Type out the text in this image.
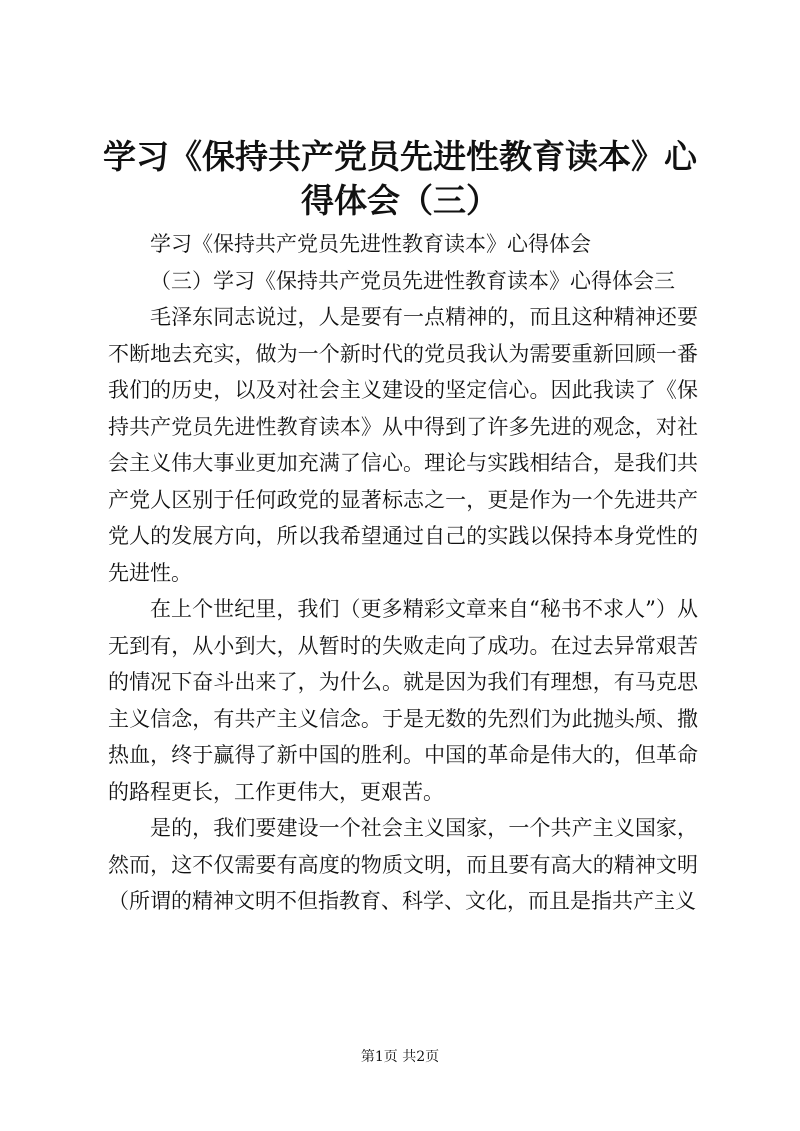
学习《保持共产党员先进性教育读本》心得体会（三）

学习《保持共产党员先进性教育读本》心得体会

（三）学习《保持共产党员先进性教育读本》心得体会三

毛泽东同志说过，人是要有一点精神的，而且这种精神还要不断地去充实，做为一个新时代的党员我认为需要重新回顾一番我们的历史，以及对社会主义建设的坚定信心。因此我读了《保持共产党员先进性教育读本》从中得到了许多先进的观念，对社会主义伟大事业更加充满了信心。理论与实践相结合，是我们共产党人区别于任何政党的显著标志之一，更是作为一个先进共产党人的发展方向，所以我希望通过自己的实践以保持本身党性的先进性。

在上个世纪里，我们（更多精彩文章来自“秘书不求人”）从无到有，从小到大，从暂时的失败走向了成功。在过去异常艰苦的情况下奋斗出来了，为什么。就是因为我们有理想，有马克思主义信念，有共产主义信念。于是无数的先烈们为此抛头颅、撒热血，终于赢得了新中国的胜利。中国的革命是伟大的，但革命的路程更长，工作更伟大，更艰苦。

是的，我们要建设一个社会主义国家，一个共产主义国家，然而，这不仅需要有高度的物质文明，而且要有高大的精神文明（所谓的精神文明不但指教育、科学、文化，而且是指共产主义

第1页 共2页
